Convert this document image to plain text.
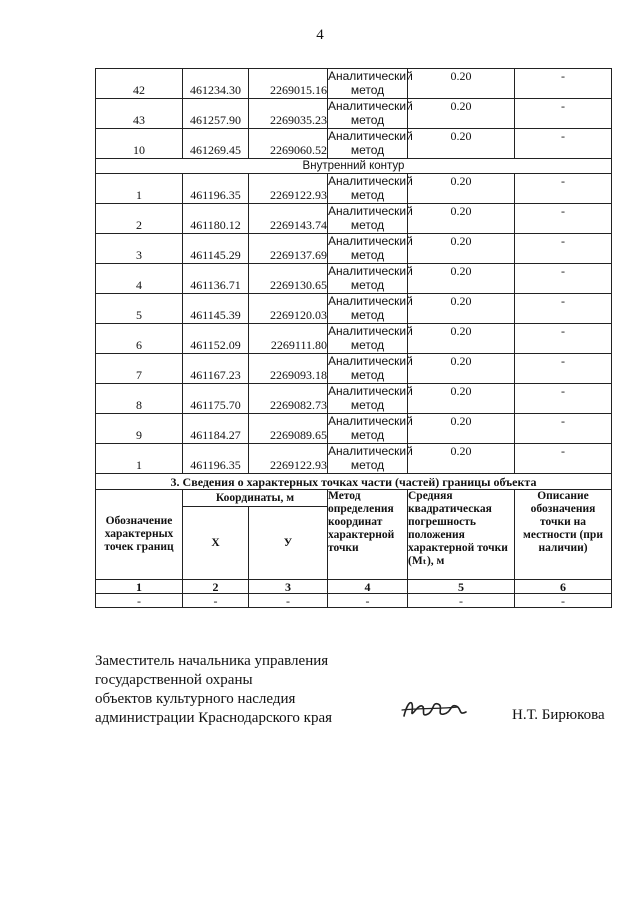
4
42	461234.30	2269015.16	Аналитический метод	0.20	-
43	461257.90	2269035.23	Аналитический метод	0.20	-
10	461269.45	2269060.52	Аналитический метод	0.20	-
Внутренний контур					
1	461196.35	2269122.93	Аналитический метод	0.20	-
2	461180.12	2269143.74	Аналитический метод	0.20	-
3	461145.29	2269137.69	Аналитический метод	0.20	-
4	461136.71	2269130.65	Аналитический метод	0.20	-
5	461145.39	2269120.03	Аналитический метод	0.20	-
6	461152.09	2269111.80	Аналитический метод	0.20	-
7	461167.23	2269093.18	Аналитический метод	0.20	-
8	461175.70	2269082.73	Аналитический метод	0.20	-
9	461184.27	2269089.65	Аналитический метод	0.20	-
1	461196.35	2269122.93	Аналитический метод	0.20	-
3. Сведения о характерных точках части (частей) границы объекта					
Обозначение характерных точек границ	Координаты, м		Метод определения координат характерной точки	Средняя квадратическая погрешность положения характерной точки (Mₜ), м	Описание обозначения точки на местности (при наличии)
	X	У			
1	2	3	4	5	6
-	-	-	-	-	-
Заместитель начальника управления
государственной охраны
объектов культурного наследия
администрации Краснодарского края	Н.Т. Бирюкова
